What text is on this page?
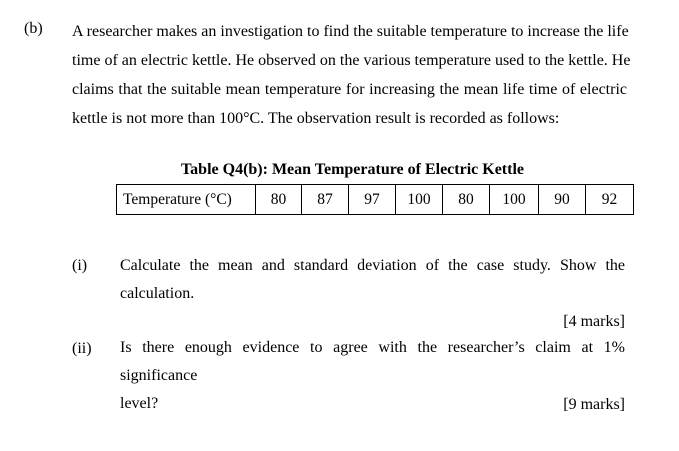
(b) A researcher makes an investigation to find the suitable temperature to increase the life
time of an electric kettle. He observed on the various temperature used to the kettle. He
claims that the suitable mean temperature for increasing the mean life time of electric
kettle is not more than 100°C. The observation result is recorded as follows:
Table Q4(b): Mean Temperature of Electric Kettle
Temperature (°C)	80	87	97	100	80	100	90	92
(i) Calculate the mean and standard deviation of the case study. Show the
calculation.
[4 marks]
(ii) Is there enough evidence to agree with the researcher’s claim at 1% significance
level?	[9 marks]
